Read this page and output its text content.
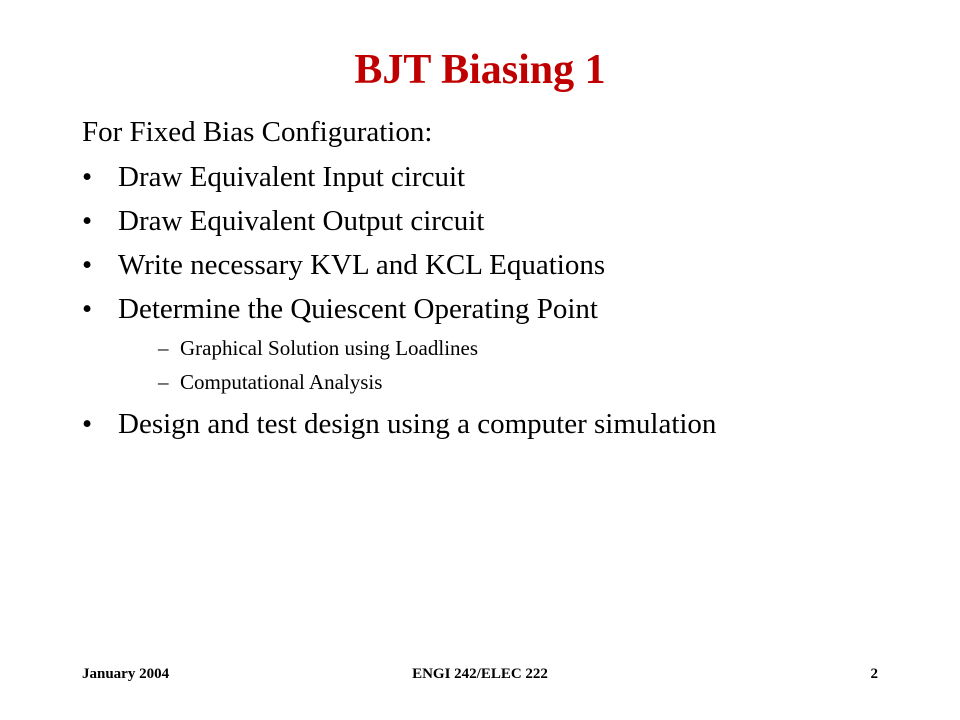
BJT Biasing 1
For Fixed Bias Configuration:
• Draw Equivalent Input circuit
• Draw Equivalent Output circuit
• Write necessary KVL and KCL Equations
• Determine the Quiescent Operating Point
– Graphical Solution using Loadlines
– Computational Analysis
• Design and test design using a computer simulation
January 2004	ENGI 242/ELEC 222	2
